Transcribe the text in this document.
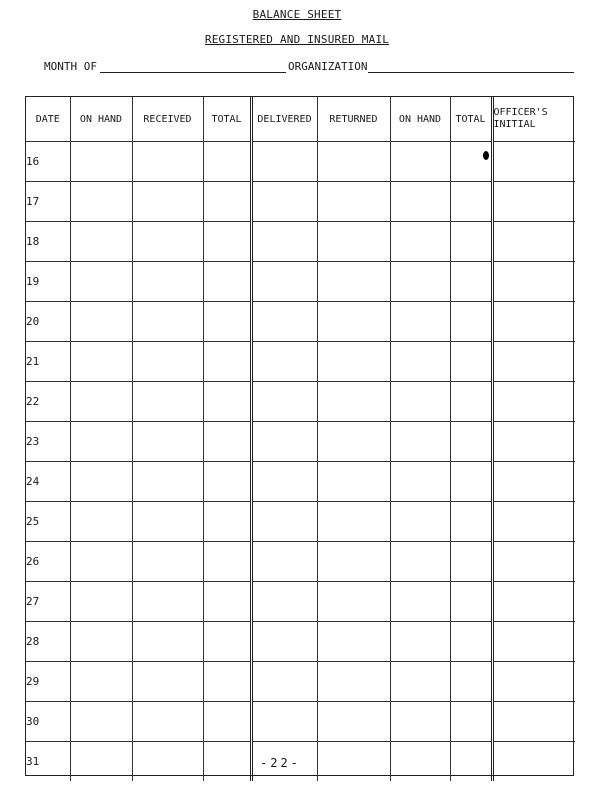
BALANCE SHEET
REGISTERED AND INSURED MAIL
MONTH OF	ORGANIZATION
DATE	ON HAND	RECEIVED	TOTAL	DELIVERED	RETURNED	ON HAND	TOTAL	OFFICER'S INITIAL
16								
17								
18								
19								
20								
21								
22								
23								
24								
25								
26								
27								
28								
29								
30								
31									-22-
